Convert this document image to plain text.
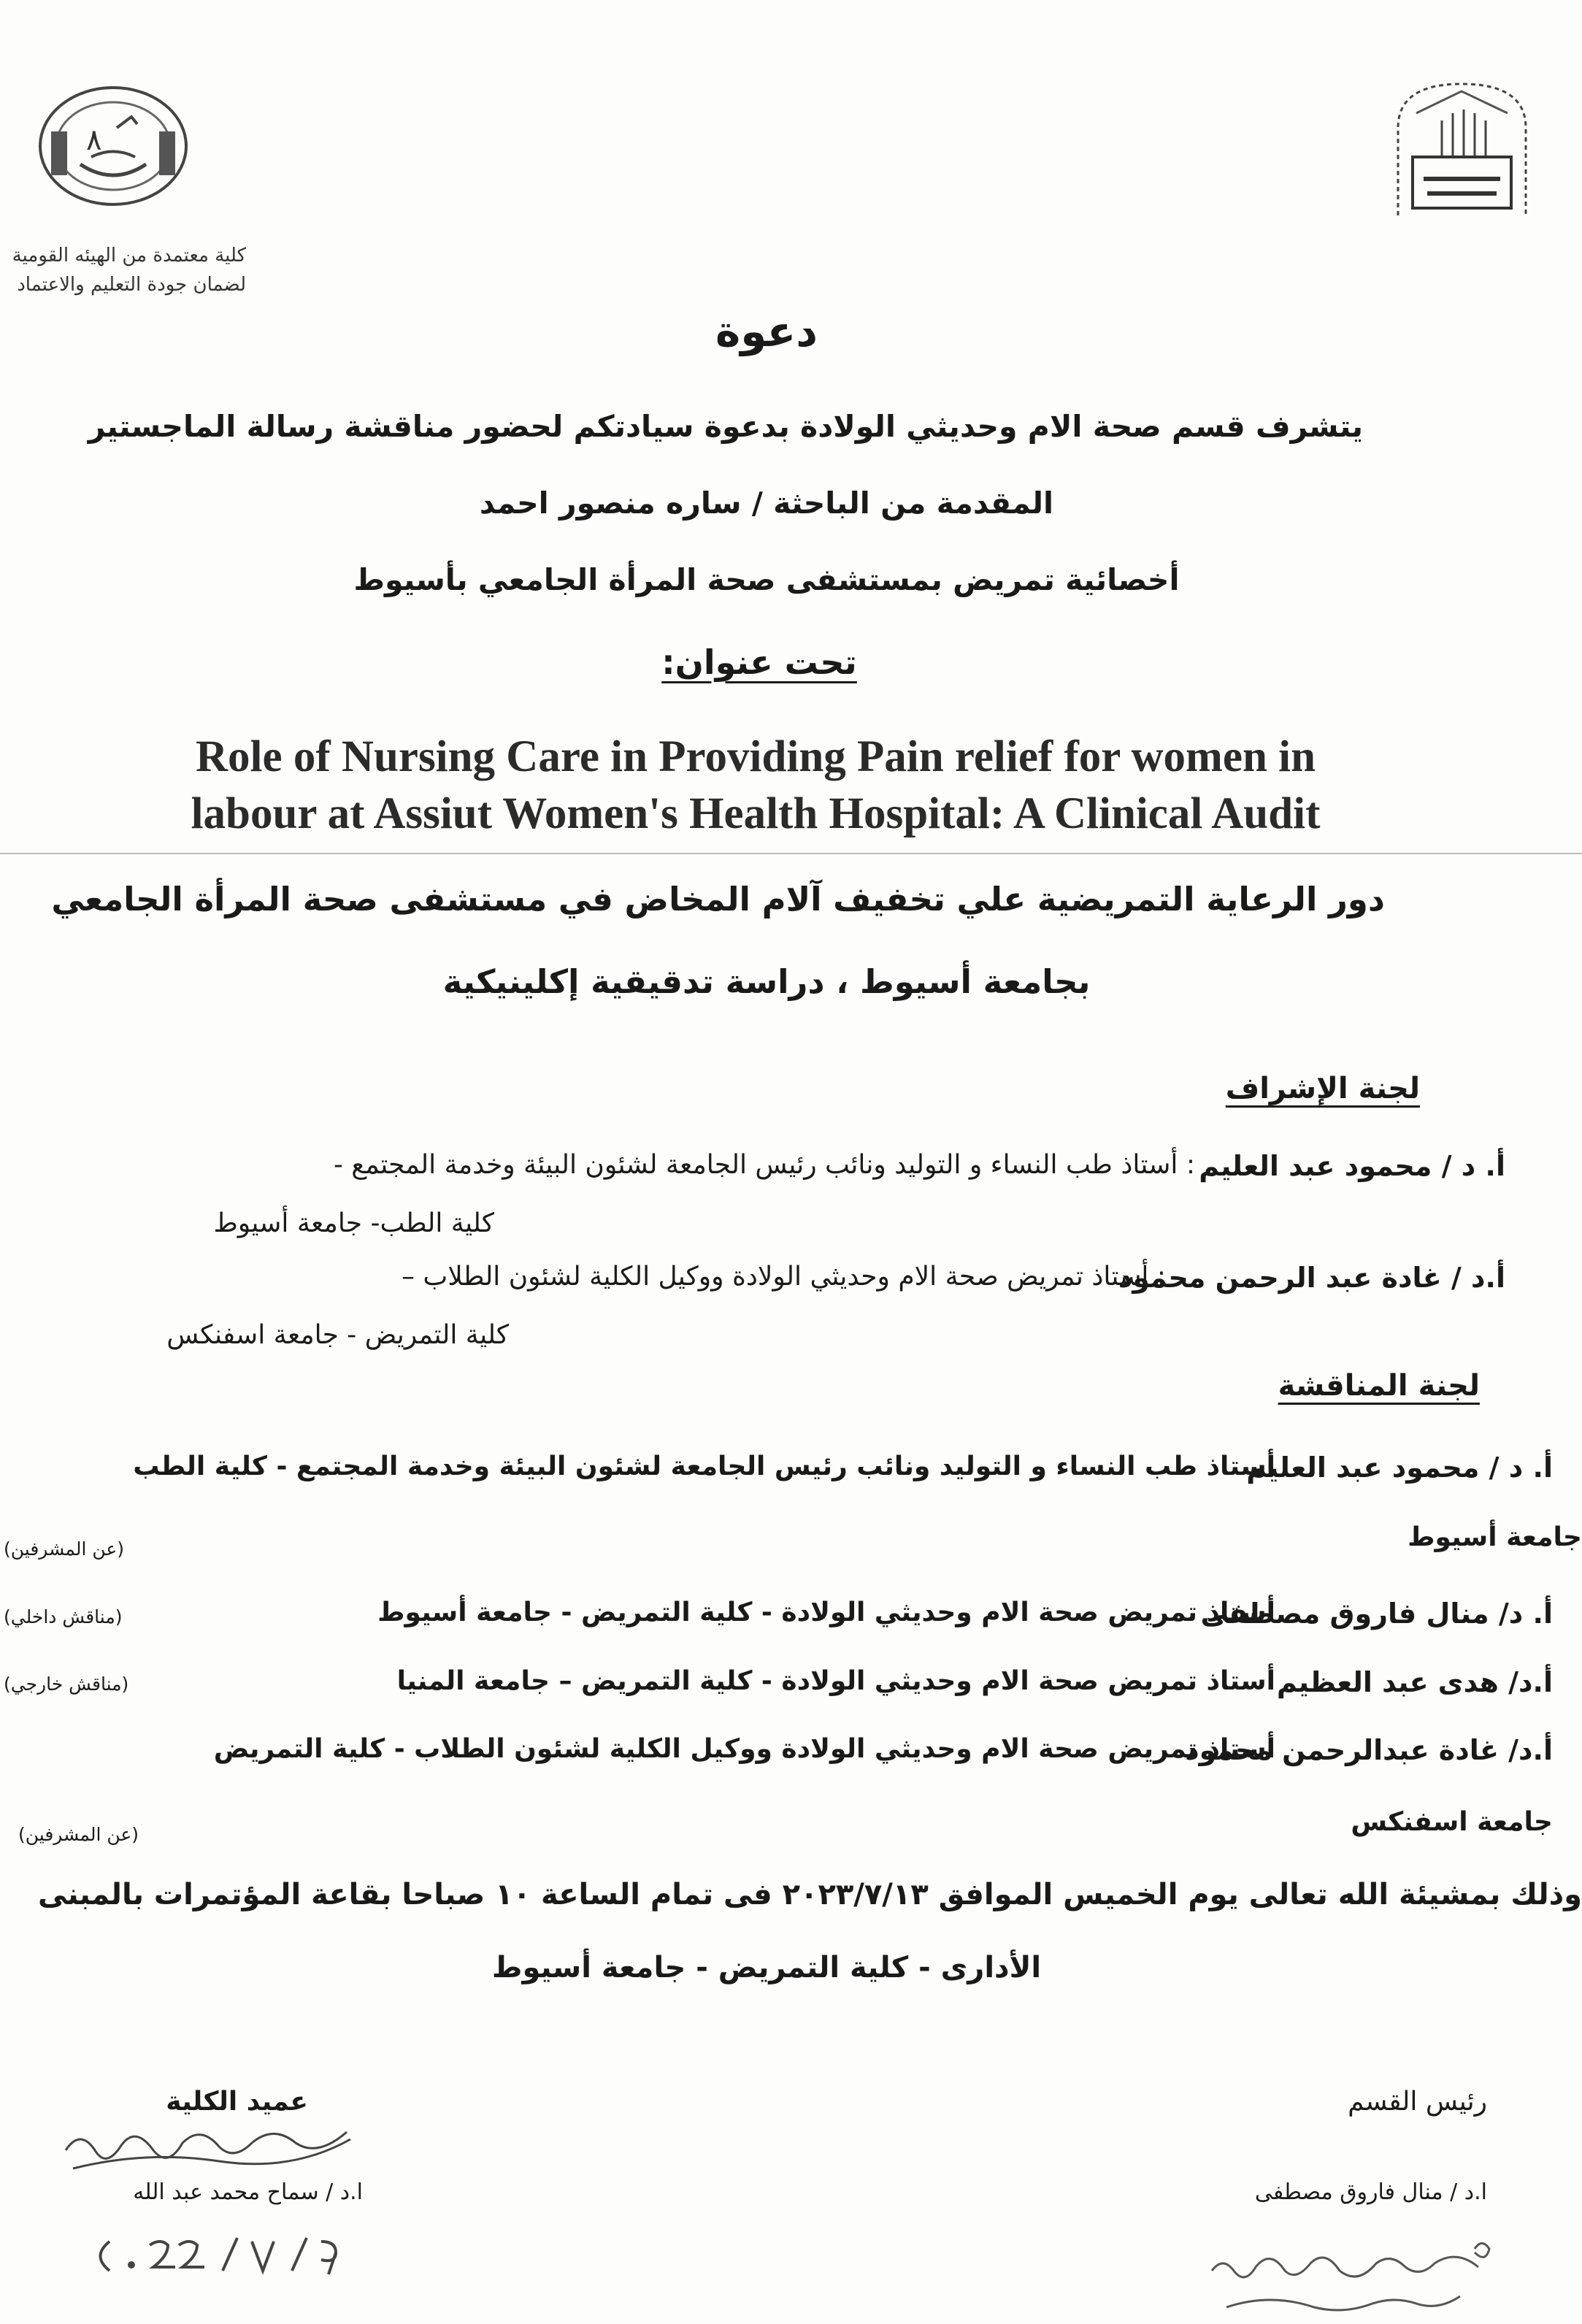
٨
كلية معتمدة من الهيئه القومية
لضمان جودة التعليم والاعتماد
دعوة
يتشرف قسم صحة الام وحديثي الولادة بدعوة سيادتكم لحضور مناقشة رسالة الماجستير
المقدمة من الباحثة / ساره منصور احمد
أخصائية تمريض بمستشفى صحة المرأة الجامعي بأسيوط
تحت عنوان:
Role of Nursing Care in Providing Pain relief for women in
labour at Assiut Women's Health Hospital: A Clinical Audit
دور الرعاية التمريضية علي تخفيف آلام المخاض في مستشفى صحة المرأة الجامعي
بجامعة أسيوط ، دراسة تدقيقية إكلينيكية
لجنة الإشراف
أ. د / محمود عبد العليم
: أستاذ طب النساء و التوليد ونائب رئيس الجامعة لشئون البيئة وخدمة المجتمع -
كلية الطب- جامعة أسيوط
أ.د / غادة عبد الرحمن محمود
: أستاذ تمريض صحة الام وحديثي الولادة ووكيل الكلية لشئون الطلاب –
كلية التمريض - جامعة اسفنكس
لجنة المناقشة
أ. د / محمود عبد العليم
أستاذ طب النساء و التوليد ونائب رئيس الجامعة لشئون البيئة وخدمة المجتمع - كلية الطب
جامعة أسيوط
(عن المشرفين)
أ. د/ منال فاروق مصطفى
أستاذ تمريض صحة الام وحديثي الولادة - كلية التمريض - جامعة أسيوط
(مناقش داخلي)
أ.د/ هدى عبد العظيم
أستاذ تمريض صحة الام وحديثي الولادة - كلية التمريض – جامعة المنيا
(مناقش خارجي)
أ.د/ غادة عبدالرحمن محمود
أستاذ تمريض صحة الام وحديثي الولادة ووكيل الكلية لشئون الطلاب - كلية التمريض
جامعة اسفنكس
(عن المشرفين)
وذلك بمشيئة الله تعالى يوم الخميس الموافق ٢٠٢٣/٧/١٣ فى تمام الساعة ١٠ صباحا بقاعة المؤتمرات بالمبنى
الأدارى - كلية التمريض - جامعة أسيوط
رئيس القسم
ا.د / منال فاروق مصطفى
عميد الكلية
ا.د / سماح محمد عبد الله
